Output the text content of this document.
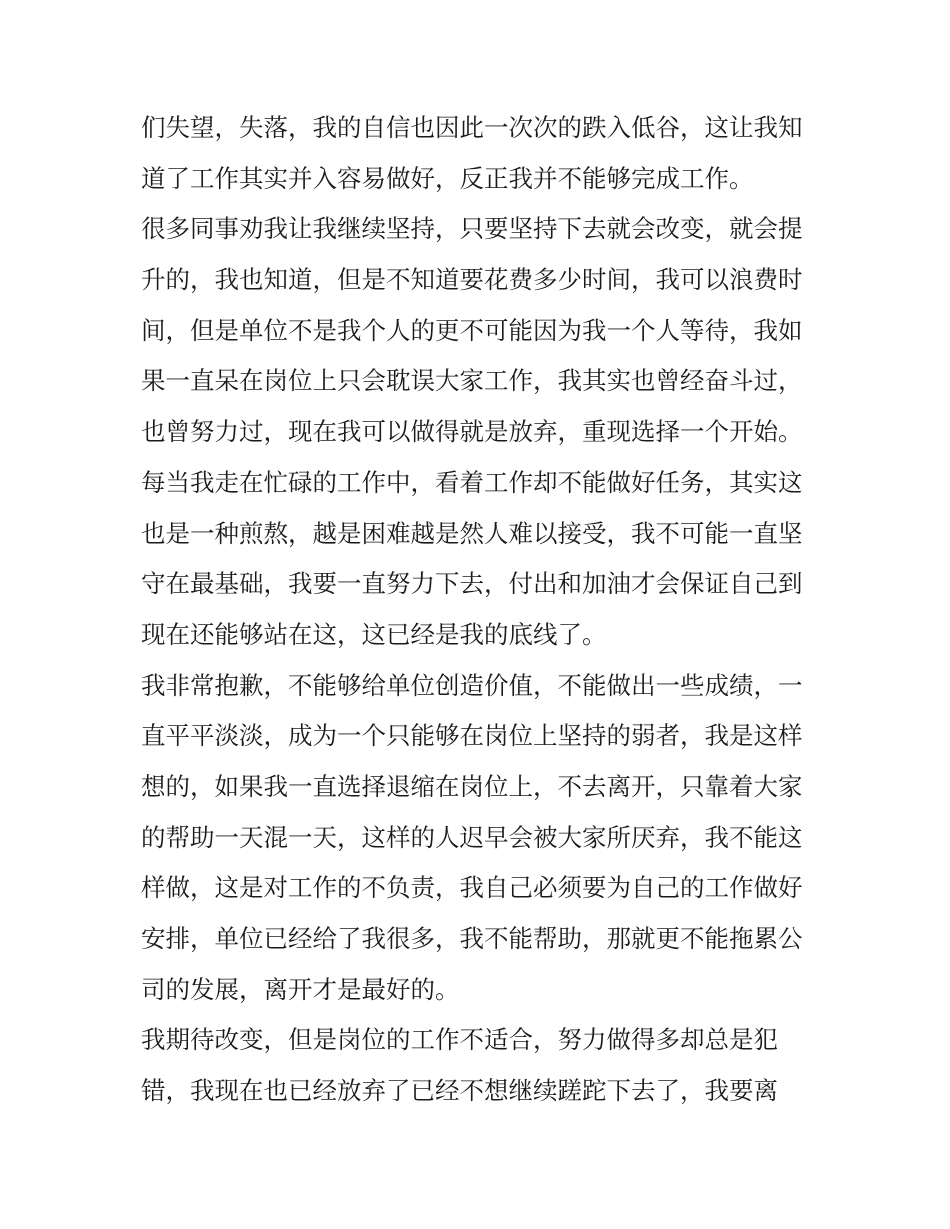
们失望，失落，我的自信也因此一次次的跌入低谷，这让我知
道了工作其实并入容易做好，反正我并不能够完成工作。
很多同事劝我让我继续坚持，只要坚持下去就会改变，就会提
升的，我也知道，但是不知道要花费多少时间，我可以浪费时
间，但是单位不是我个人的更不可能因为我一个人等待，我如
果一直呆在岗位上只会耽误大家工作，我其实也曾经奋斗过，
也曾努力过，现在我可以做得就是放弃，重现选择一个开始。
每当我走在忙碌的工作中，看着工作却不能做好任务，其实这
也是一种煎熬，越是困难越是然人难以接受，我不可能一直坚
守在最基础，我要一直努力下去，付出和加油才会保证自己到
现在还能够站在这，这已经是我的底线了。
我非常抱歉，不能够给单位创造价值，不能做出一些成绩，一
直平平淡淡，成为一个只能够在岗位上坚持的弱者，我是这样
想的，如果我一直选择退缩在岗位上，不去离开，只靠着大家
的帮助一天混一天，这样的人迟早会被大家所厌弃，我不能这
样做，这是对工作的不负责，我自己必须要为自己的工作做好
安排，单位已经给了我很多，我不能帮助，那就更不能拖累公
司的发展，离开才是最好的。
我期待改变，但是岗位的工作不适合，努力做得多却总是犯
错，我现在也已经放弃了已经不想继续蹉跎下去了，我要离
